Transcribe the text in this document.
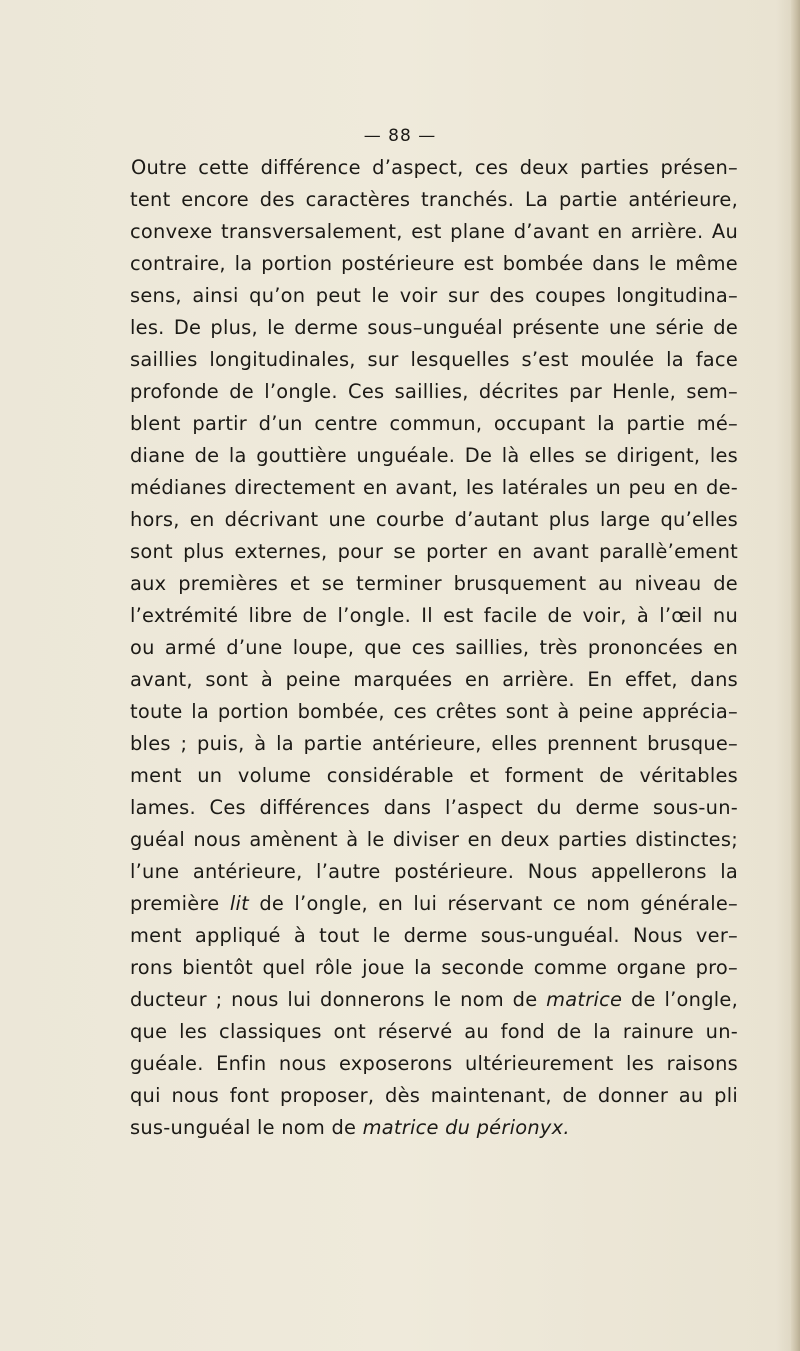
— 88 —
Outre cette différence d’aspect, ces deux parties présen–
tent encore des caractères tranchés. La partie antérieure,
convexe transversalement, est plane d’avant en arrière. Au
contraire, la portion postérieure est bombée dans le même
sens, ainsi qu’on peut le voir sur des coupes longitudina–
les. De plus, le derme sous–unguéal présente une série de
saillies longitudinales, sur lesquelles s’est moulée la face
profonde de l’ongle. Ces saillies, décrites par Henle, sem–
blent partir d’un centre commun, occupant la partie mé–
diane de la gouttière unguéale. De là elles se dirigent, les
médianes directement en avant, les latérales un peu en de-
hors, en décrivant une courbe d’autant plus large qu’elles
sont plus externes, pour se porter en avant parallè’ement
aux premières et se terminer brusquement au niveau de
l’extrémité libre de l’ongle. Il est facile de voir, à l’œil nu
ou armé d’une loupe, que ces saillies, très prononcées en
avant, sont à peine marquées en arrière. En effet, dans
toute la portion bombée, ces crêtes sont à peine apprécia–
bles ; puis, à la partie antérieure, elles prennent brusque–
ment un volume considérable et forment de véritables
lames. Ces différences dans l’aspect du derme sous-un-
guéal nous amènent à le diviser en deux parties distinctes;
l’une antérieure, l’autre postérieure. Nous appellerons la
première lit de l’ongle, en lui réservant ce nom générale–
ment appliqué à tout le derme sous-unguéal. Nous ver–
rons bientôt quel rôle joue la seconde comme organe pro–
ducteur ; nous lui donnerons le nom de matrice de l’ongle,
que les classiques ont réservé au fond de la rainure un-
guéale. Enfin nous exposerons ultérieurement les raisons
qui nous font proposer, dès maintenant, de donner au pli
sus-unguéal le nom de matrice du périonyx.
